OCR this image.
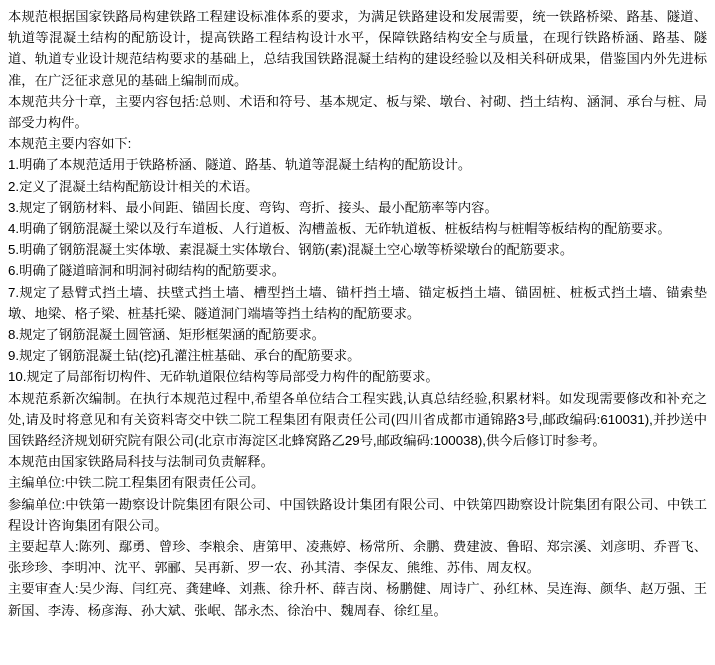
本规范根据国家铁路局构建铁路工程建设标准体系的要求，为满足铁路建设和发展需要，统一铁路桥梁、路基、隧道、轨道等混凝土结构的配筋设计，提高铁路工程结构设计水平，保障铁路结构安全与质量，在现行铁路桥涵、路基、隧道、轨道专业设计规范结构要求的基础上，总结我国铁路混凝土结构的建设经验以及相关科研成果，借鉴国内外先进标准，在广泛征求意见的基础上编制而成。

本规范共分十章，主要内容包括:总则、术语和符号、基本规定、板与梁、墩台、衬砌、挡土结构、涵洞、承台与桩、局部受力构件。

本规范主要内容如下:

1.明确了本规范适用于铁路桥涵、隧道、路基、轨道等混凝土结构的配筋设计。

2.定义了混凝土结构配筋设计相关的术语。

3.规定了钢筋材料、最小间距、锚固长度、弯钩、弯折、接头、最小配筋率等内容。

4.明确了钢筋混凝土梁以及行车道板、人行道板、沟槽盖板、无砟轨道板、桩板结构与桩帽等板结构的配筋要求。

5.明确了钢筋混凝土实体墩、素混凝土实体墩台、钢筋(素)混凝土空心墩等桥梁墩台的配筋要求。

6.明确了隧道暗洞和明洞衬砌结构的配筋要求。

7.规定了悬臂式挡土墙、扶壁式挡土墙、槽型挡土墙、锚杆挡土墙、锚定板挡土墙、锚固桩、桩板式挡土墙、锚索垫墩、地梁、格子梁、桩基托梁、隧道洞门端墙等挡土结构的配筋要求。

8.规定了钢筋混凝土圆管涵、矩形框架涵的配筋要求。

9.规定了钢筋混凝土钻(挖)孔灌注桩基础、承台的配筋要求。

10.规定了局部衔切构件、无砟轨道限位结构等局部受力构件的配筋要求。

本规范系新次编制。在执行本规范过程中,希望各单位结合工程实践,认真总结经验,积累材料。如发现需要修改和补充之处,请及时将意见和有关资料寄交中铁二院工程集团有限责任公司(四川省成都市通锦路3号,邮政编码:610031),并抄送中国铁路经济规划研究院有限公司(北京市海淀区北蜂窝路乙29号,邮政编码:100038),供今后修订时参考。

本规范由国家铁路局科技与法制司负责解释。

主编单位:中铁二院工程集团有限责任公司。

参编单位:中铁第一勘察设计院集团有限公司、中国铁路设计集团有限公司、中铁第四勘察设计院集团有限公司、中铁工程设计咨询集团有限公司。

主要起草人:陈列、鄢勇、曾珍、李粮余、唐第甲、凌燕婷、杨常所、余鹏、费建波、鲁昭、郑宗溪、刘彦明、乔晋飞、张珍珍、李明冲、沈平、郭郦、吴再新、罗一农、孙其清、李保友、熊维、苏伟、周友权。

主要审查人:吴少海、闫红亮、龚建峰、刘燕、徐升杯、薛吉岗、杨鹏健、周诗广、孙红林、吴连海、颜华、赵万强、王新国、李涛、杨彦海、孙大斌、张岷、郜永杰、徐治中、魏周春、徐红星。
